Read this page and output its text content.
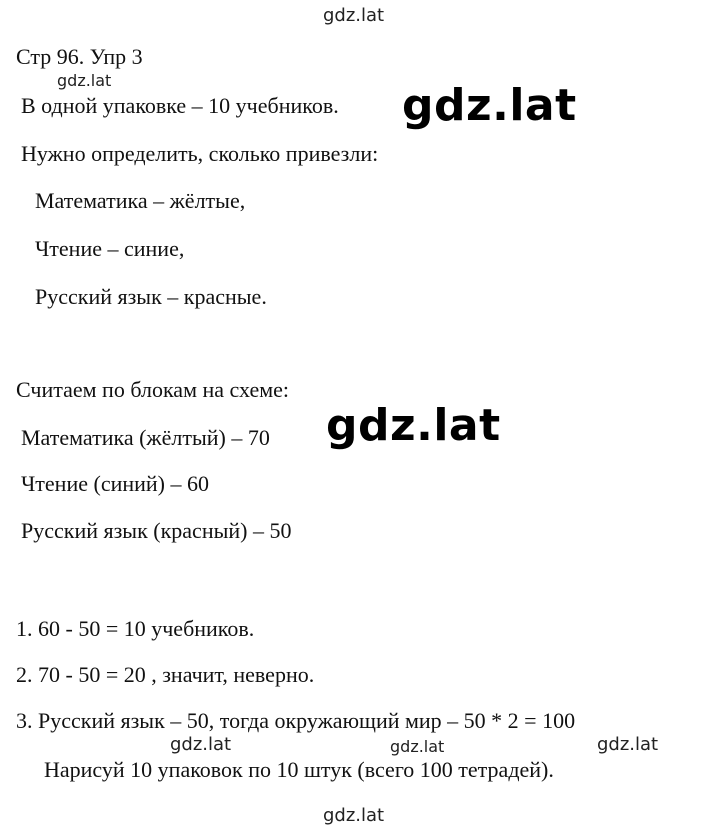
gdz.lat
gdz.lat	gdz.lat
gdz.lat
gdz.lat	gdz.lat	gdz.lat
gdz.lat
Стр 96. Упр 3
В одной упаковке – 10 учебников.
Нужно определить, сколько привезли:
Математика – жёлтые,
Чтение – синие,
Русский язык – красные.
Считаем по блокам на схеме:
Математика (жёлтый) – 70
Чтение (синий) – 60
Русский язык (красный) – 50
1. 60 - 50 = 10 учебников.
2. 70 - 50 = 20 , значит, неверно.
3. Русский язык – 50, тогда окружающий мир – 50 * 2 = 100
Нарисуй 10 упаковок по 10 штук (всего 100 тетрадей).
